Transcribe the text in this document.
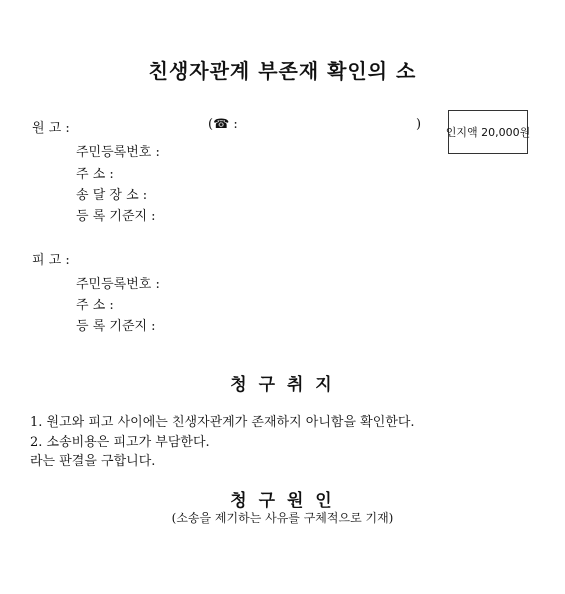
친생자관계 부존재 확인의 소
원 고 :	(☎ :	)
인지액 20,000원
주민등록번호 :
주 소 :
송 달 장 소 :
등 록 기준지 :
피 고 :
주민등록번호 :
주 소 :
등 록 기준지 :
청 구 취 지
1. 원고와 피고 사이에는 친생자관계가 존재하지 아니함을 확인한다.
2. 소송비용은 피고가 부담한다.
라는 판결을 구합니다.
청 구 원 인
(소송을 제기하는 사유를 구체적으로 기재)
